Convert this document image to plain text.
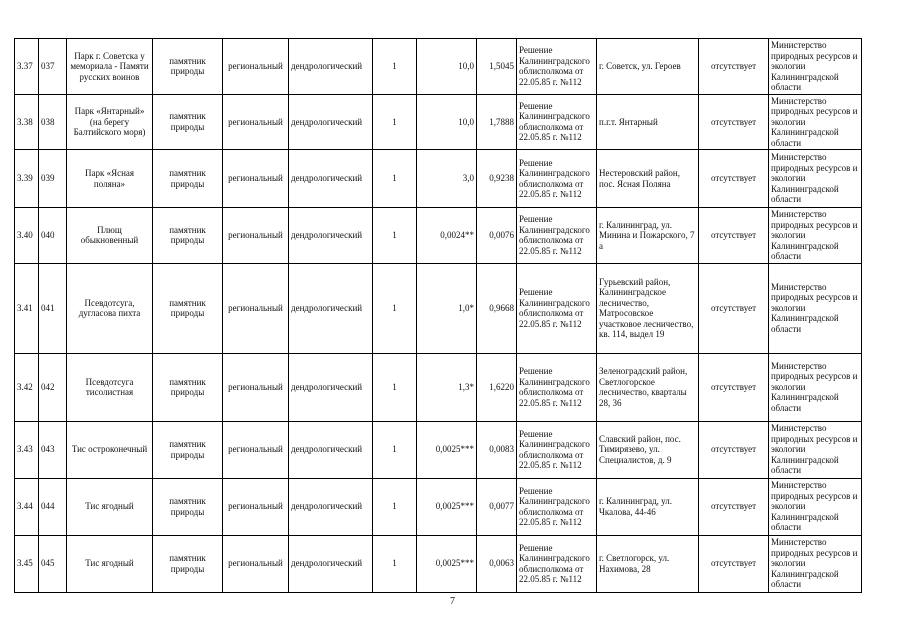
3.37	037	Парк г. Советска у мемориала - Памяти русских воинов	памятник природы	региональный	дендрологический	1	10,0	1,5045	Решение Калининградского облисполкома от 22.05.85 г. №112	г. Советск, ул. Героев	отсутствует	Министерство природных ресурсов и экологии Калининградской области
3.38	038	Парк «Янтарный» (на берегу Балтийского моря)	памятник природы	региональный	дендрологический	1	10,0	1,7888	Решение Калининградского облисполкома от 22.05.85 г. №112	п.г.т. Янтарный	отсутствует	Министерство природных ресурсов и экологии Калининградской области
3.39	039	Парк «Ясная поляна»	памятник природы	региональный	дендрологический	1	3,0	0,9238	Решение Калининградского облисполкома от 22.05.85 г. №112	Нестеровский район, пос. Ясная Поляна	отсутствует	Министерство природных ресурсов и экологии Калининградской области
3.40	040	Плющ обыкновенный	памятник природы	региональный	дендрологический	1	0,0024**	0,0076	Решение Калининградского облисполкома от 22.05.85 г. №112	г. Калининград, ул. Минина и Пожарского, 7 а	отсутствует	Министерство природных ресурсов и экологии Калининградской области
3.41	041	Псевдотсуга, дугласова пихта	памятник природы	региональный	дендрологический	1	1,0*	0,9668	Решение Калининградского облисполкома от 22.05.85 г. №112	Гурьевский район, Калининградское лесничество, Матросовское участковое лесничество, кв. 114, выдел 19	отсутствует	Министерство природных ресурсов и экологии Калининградской области
3.42	042	Псевдотсуга тисолистная	памятник природы	региональный	дендрологический	1	1,3*	1,6220	Решение Калининградского облисполкома от 22.05.85 г. №112	Зеленоградский район, Светлогорское лесничество, кварталы 28, 36	отсутствует	Министерство природных ресурсов и экологии Калининградской области
3.43	043	Тис остроконечный	памятник природы	региональный	дендрологический	1	0,0025***	0,0083	Решение Калининградского облисполкома от 22.05.85 г. №112	Славский район, пос. Тимирязево, ул. Специалистов, д. 9	отсутствует	Министерство природных ресурсов и экологии Калининградской области
3.44	044	Тис ягодный	памятник природы	региональный	дендрологический	1	0,0025***	0,0077	Решение Калининградского облисполкома от 22.05.85 г. №112	г. Калининград, ул. Чкалова, 44-46	отсутствует	Министерство природных ресурсов и экологии Калининградской области
3.45	045	Тис ягодный	памятник природы	региональный	дендрологический	1	0,0025***	0,0063	Решение Калининградского облисполкома от 22.05.85 г. №112	г. Светлогорск, ул. Нахимова, 28	отсутствует	Министерство природных ресурсов и экологии Калининградской области
7
